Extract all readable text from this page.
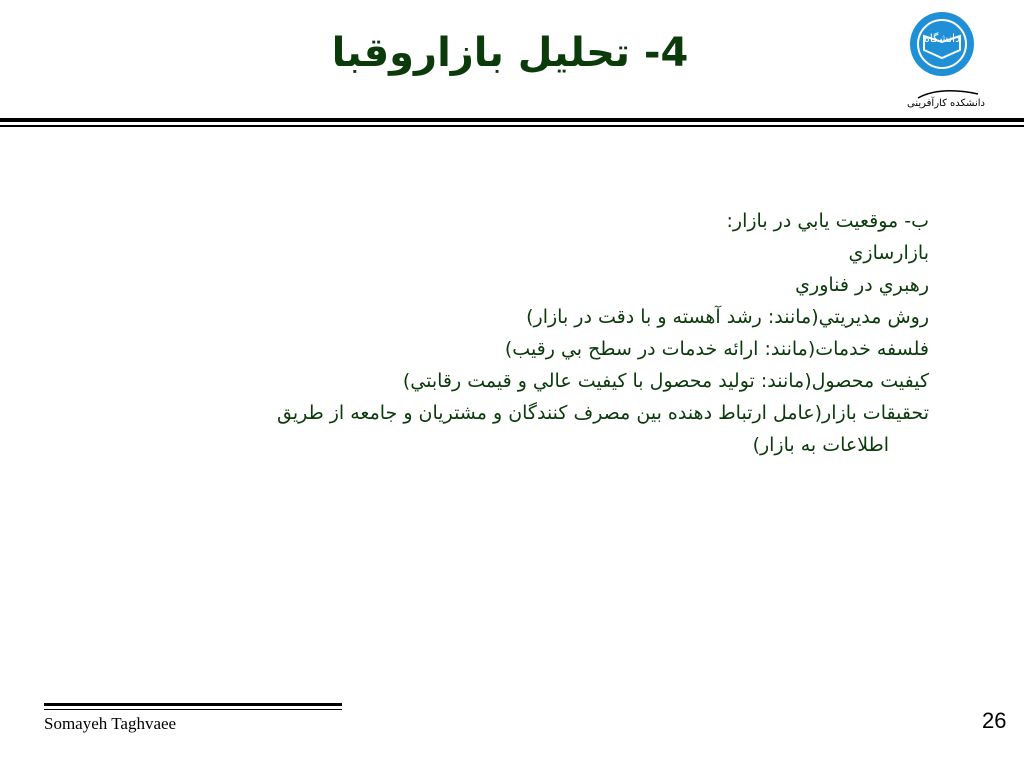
4- تحليل بازاروقبا	دانشگاه
دانشکده کارآفرینی
ب- موقعيت يابي در بازار:
بازارسازي
رهبري در فناوري
روش مديريتي(مانند: رشد آهسته و با دقت در بازار)
فلسفه خدمات(مانند: ارائه خدمات در سطح بي رقيب)
كيفيت محصول(مانند: توليد محصول با كيفيت عالي و قيمت رقابتي)
تحقيقات بازار(عامل ارتباط دهنده بين مصرف كنندگان و مشتريان و جامعه از طريق
اطلاعات به بازار)
Somayeh Taghvaee	26
